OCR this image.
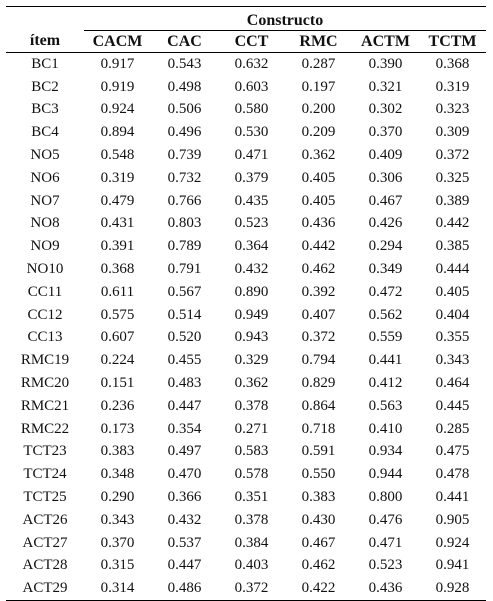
	Constructo					
ítem	CACM	CAC	CCT	RMC	ACTM	TCTM
BC1	0.917	0.543	0.632	0.287	0.390	0.368
BC2	0.919	0.498	0.603	0.197	0.321	0.319
BC3	0.924	0.506	0.580	0.200	0.302	0.323
BC4	0.894	0.496	0.530	0.209	0.370	0.309
NO5	0.548	0.739	0.471	0.362	0.409	0.372
NO6	0.319	0.732	0.379	0.405	0.306	0.325
NO7	0.479	0.766	0.435	0.405	0.467	0.389
NO8	0.431	0.803	0.523	0.436	0.426	0.442
NO9	0.391	0.789	0.364	0.442	0.294	0.385
NO10	0.368	0.791	0.432	0.462	0.349	0.444
CC11	0.611	0.567	0.890	0.392	0.472	0.405
CC12	0.575	0.514	0.949	0.407	0.562	0.404
CC13	0.607	0.520	0.943	0.372	0.559	0.355
RMC19	0.224	0.455	0.329	0.794	0.441	0.343
RMC20	0.151	0.483	0.362	0.829	0.412	0.464
RMC21	0.236	0.447	0.378	0.864	0.563	0.445
RMC22	0.173	0.354	0.271	0.718	0.410	0.285
TCT23	0.383	0.497	0.583	0.591	0.934	0.475
TCT24	0.348	0.470	0.578	0.550	0.944	0.478
TCT25	0.290	0.366	0.351	0.383	0.800	0.441
ACT26	0.343	0.432	0.378	0.430	0.476	0.905
ACT27	0.370	0.537	0.384	0.467	0.471	0.924
ACT28	0.315	0.447	0.403	0.462	0.523	0.941
ACT29	0.314	0.486	0.372	0.422	0.436	0.928
